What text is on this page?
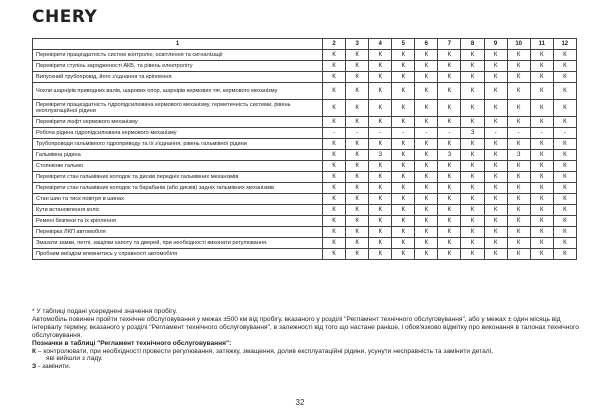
CHERY
1	2	3	4	5	6	7	8	9	10	11	12
Перевірити працездатність систем контролю, освітлення та сигналізації	К	К	К	К	К	К	К	К	К	К	К
Перевірити ступінь зарядженості АКБ, та рівень електроліту	К	К	К	К	К	К	К	К	К	К	К
Випускний трубопровід, його з'єднання та кріплення	К	К	К	К	К	К	К	К	К	К	К
Чохли шарнірів приводних валів, шарових опор, шарнірів кермових тяг, кермового механізму	К	К	К	К	К	К	К	К	К	К	К
Перевірити працездатність гідропідсилювача кермового механізму, герметичність системи, рівень експлуатаційної рідини	К	К	К	К	К	К	К	К	К	К	К
Перевірити люфт кермового механізму	К	К	К	К	К	К	К	К	К	К	К
Робоча рідина гідропідсилювача кермового механізму	-	-	-	-	-	-	З	-	-	-	-
Трубопроводи гальмівного гідроприводу та їх з'єднання, рівень гальмівної рідини	К	К	К	К	К	К	К	К	К	К	К
Гальмівна рідина	К	К	З	К	К	З	К	К	З	К	К
Стоянкове гальмо	К	К	К	К	К	К	К	К	К	К	К
Перевірити стан гальмівних колодок та дисків передніх гальмівних механізмів	К	К	К	К	К	К	К	К	К	К	К
Перевірити стан гальмівних колодок та барабанів (або дисків) задніх гальмівних механізмів	К	К	К	К	К	К	К	К	К	К	К
Стан шин та тиск повітря в шинах	К	К	К	К	К	К	К	К	К	К	К
Кути встановлення коліс	К	К	К	К	К	К	К	К	К	К	К
Ремені безпеки та їх кріплення	К	К	К	К	К	К	К	К	К	К	К
Перевірка ЛКП автомобіля	К	К	К	К	К	К	К	К	К	К	К
Змазати замки, петлі, защіпки капоту та дверей, при необхідності виконати регулювання.	К	К	К	К	К	К	К	К	К	К	К
Пробним виїздом впевнитись у справності автомобіля	К	К	К	К	К	К	К	К	К	К	К

* У таблиці подані усереднені значення пробігу.

Автомобіль повинен пройти технічне обслуговування у межах ±500 км від пробігу, вказаного у розділі "Регламент технічного обслуговування", або у межах ± один місяць від інтервалу терміну, вказаного у розділі "Регламент технічного обслуговування", в залежності від того що настане раніше, і обов'язково відмітку про виконання в талонах технічного обслуговування.

Позначки в таблиці "Регламент технічного обслуговування":

К – контролювати, при необхідності провести регулювання, затяжку, змащення, долив експлуатаційні рідини, усунути несправність та замінити деталі,

яві вийшли з ладу.

З - замінити.

32
